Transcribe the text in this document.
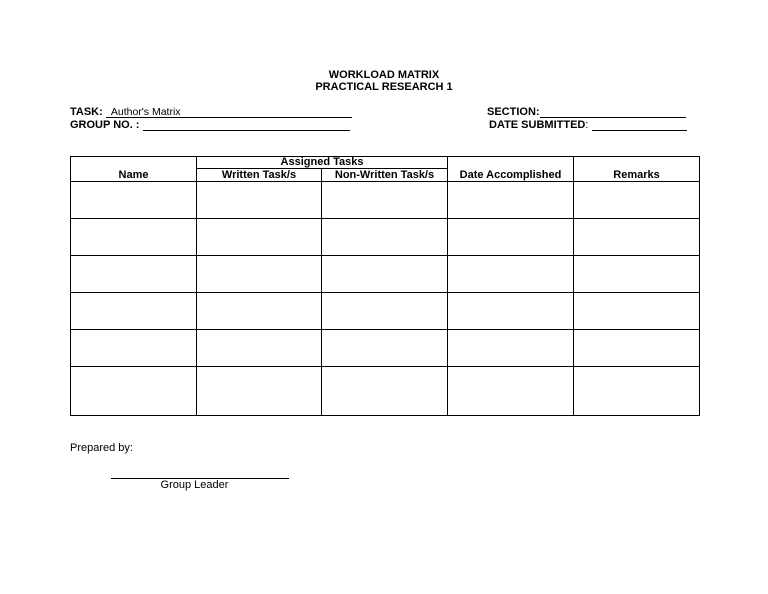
WORKLOAD MATRIX
PRACTICAL RESEARCH 1
TASK: Author's Matrix
GROUP NO. :
SECTION:
DATE SUBMITTED:
Name	Assigned Tasks		Date Accomplished	Remarks
	Written Task/s	Non-Written Task/s		

Prepared by:
Group Leader
